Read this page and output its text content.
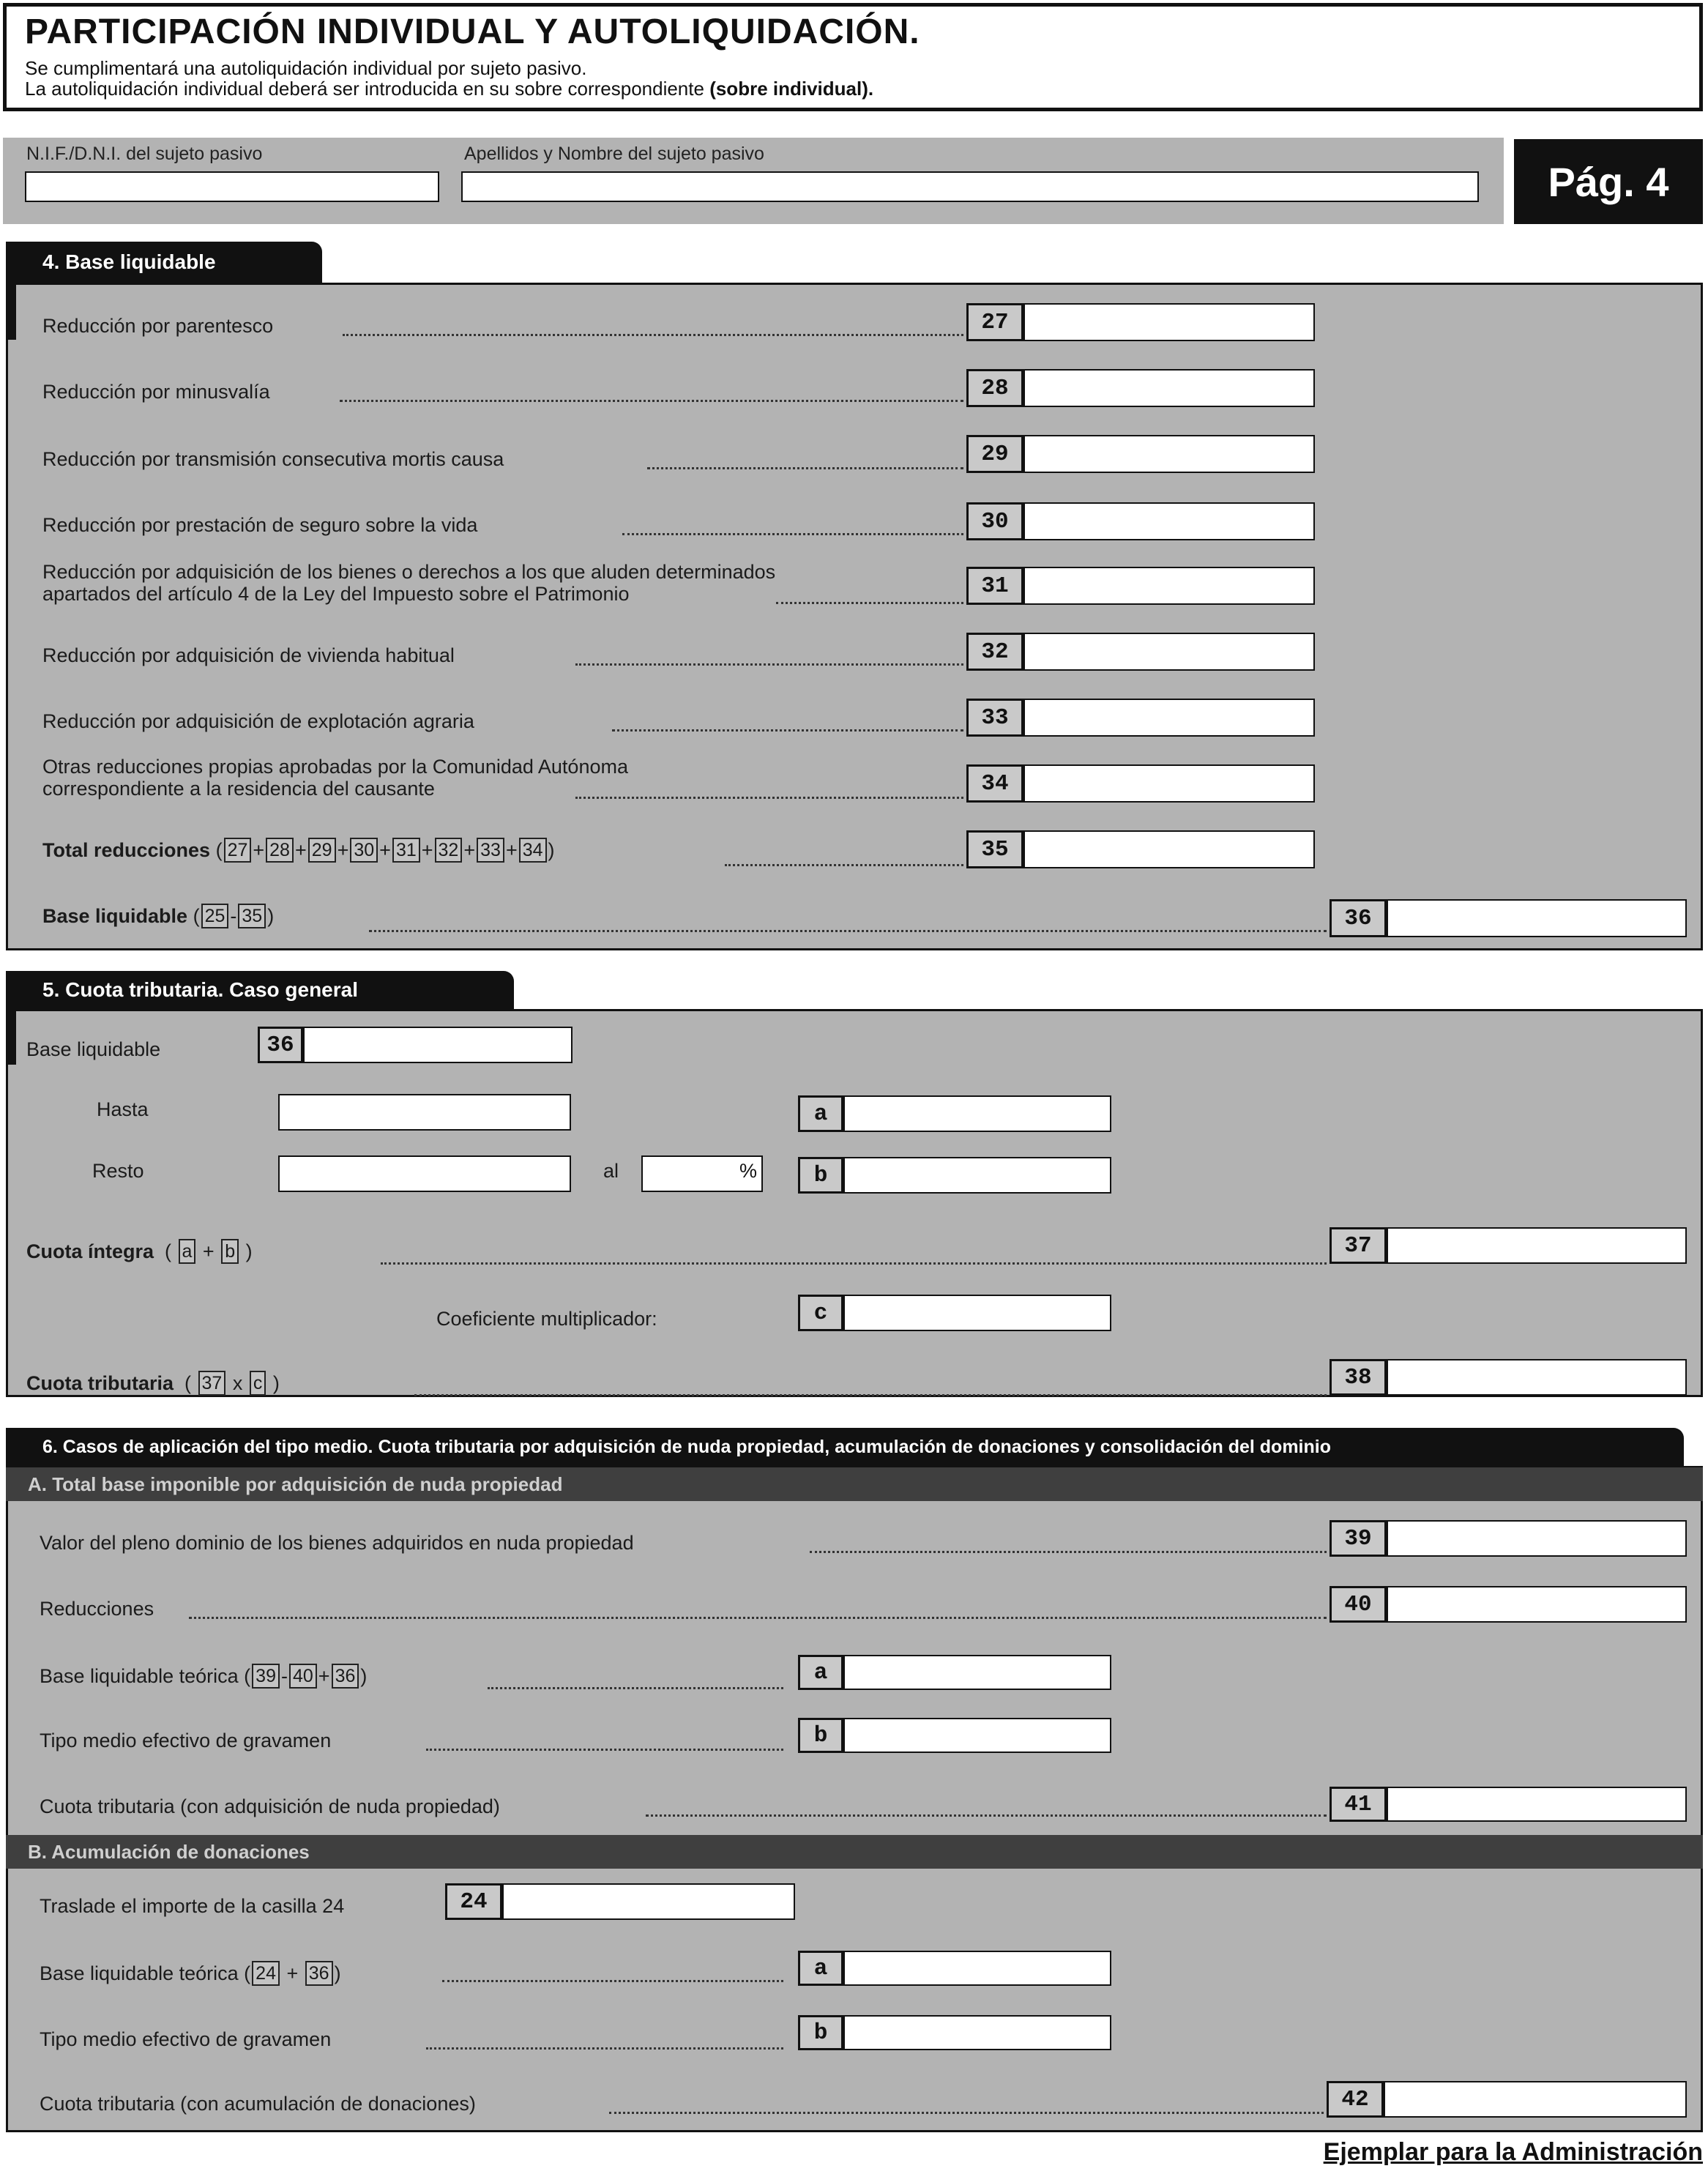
PARTICIPACIÓN INDIVIDUAL Y AUTOLIQUIDACIÓN.
Se cumplimentará una autoliquidación individual por sujeto pasivo.
La autoliquidación individual deberá ser introducida en su sobre correspondiente (sobre individual).
N.I.F./D.N.I. del sujeto pasivo	Apellidos y Nombre del sujeto pasivo
Pág. 4
4. Base liquidable
Reducción por parentesco	27
Reducción por minusvalía	28
Reducción por transmisión consecutiva mortis causa	29
Reducción por prestación de seguro sobre la vida	30
Reducción por adquisición de los bienes o derechos a los que aluden determinados
apartados del artículo 4 de la Ley del Impuesto sobre el Patrimonio	31
Reducción por adquisición de vivienda habitual	32
Reducción por adquisición de explotación agraria	33
Otras reducciones propias aprobadas por la Comunidad Autónoma
correspondiente a la residencia del causante	34
Total reducciones ( 27 + 28 + 29 + 30 + 31 + 32 + 33 + 34 )	35
Base liquidable ( 25 - 35 )	36
5. Cuota tributaria. Caso general
Base liquidable	36
Hasta	a
Resto	al	%	b
Cuota íntegra ( a + b )	37
Coeficiente multiplicador:	c
Cuota tributaria ( 37 x c )	38
6. Casos de aplicación del tipo medio. Cuota tributaria por adquisición de nuda propiedad, acumulación de donaciones y consolidación del dominio
A. Total base imponible por adquisición de nuda propiedad
Valor del pleno dominio de los bienes adquiridos en nuda propiedad	39
Reducciones	40
Base liquidable teórica ( 39 - 40 + 36 )	a
Tipo medio efectivo de gravamen	b
Cuota tributaria (con adquisición de nuda propiedad)	41
B. Acumulación de donaciones
Traslade el importe de la casilla 24	24
Base liquidable teórica ( 24 + 36 )	a
Tipo medio efectivo de gravamen	b
Cuota tributaria (con acumulación de donaciones)	42
Ejemplar para la Administración
